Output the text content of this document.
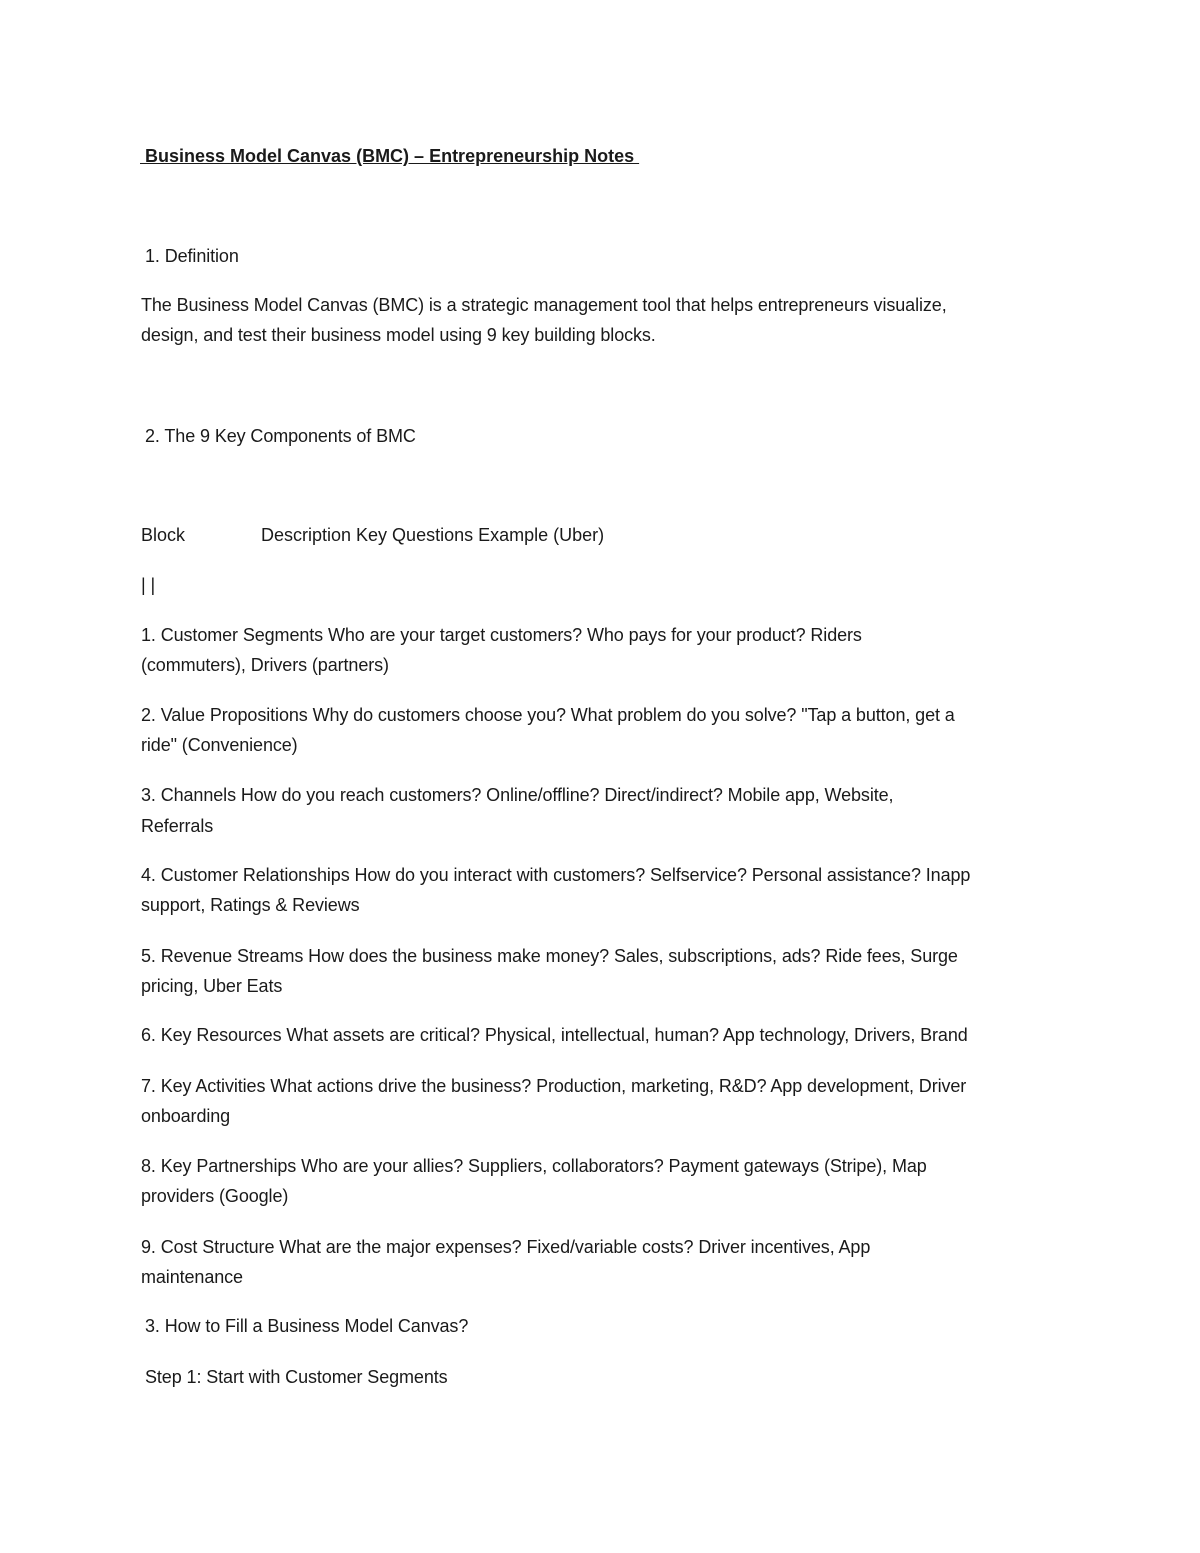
Business Model Canvas (BMC) – Entrepreneurship Notes
1. Definition
The Business Model Canvas (BMC) is a strategic management tool that helps entrepreneurs visualize,
design, and test their business model using 9 key building blocks.
2. The 9 Key Components of BMC
Block	Description Key Questions Example (Uber)
| |
1. Customer Segments Who are your target customers? Who pays for your product? Riders
(commuters), Drivers (partners)
2. Value Propositions Why do customers choose you? What problem do you solve? "Tap a button, get a
ride" (Convenience)
3. Channels How do you reach customers? Online/offline? Direct/indirect? Mobile app, Website,
Referrals
4. Customer Relationships How do you interact with customers? Selfservice? Personal assistance? Inapp
support, Ratings & Reviews
5. Revenue Streams How does the business make money? Sales, subscriptions, ads? Ride fees, Surge
pricing, Uber Eats
6. Key Resources What assets are critical? Physical, intellectual, human? App technology, Drivers, Brand
7. Key Activities What actions drive the business? Production, marketing, R&D? App development, Driver
onboarding
8. Key Partnerships Who are your allies? Suppliers, collaborators? Payment gateways (Stripe), Map
providers (Google)
9. Cost Structure What are the major expenses? Fixed/variable costs? Driver incentives, App
maintenance
3. How to Fill a Business Model Canvas?
Step 1: Start with Customer Segments
